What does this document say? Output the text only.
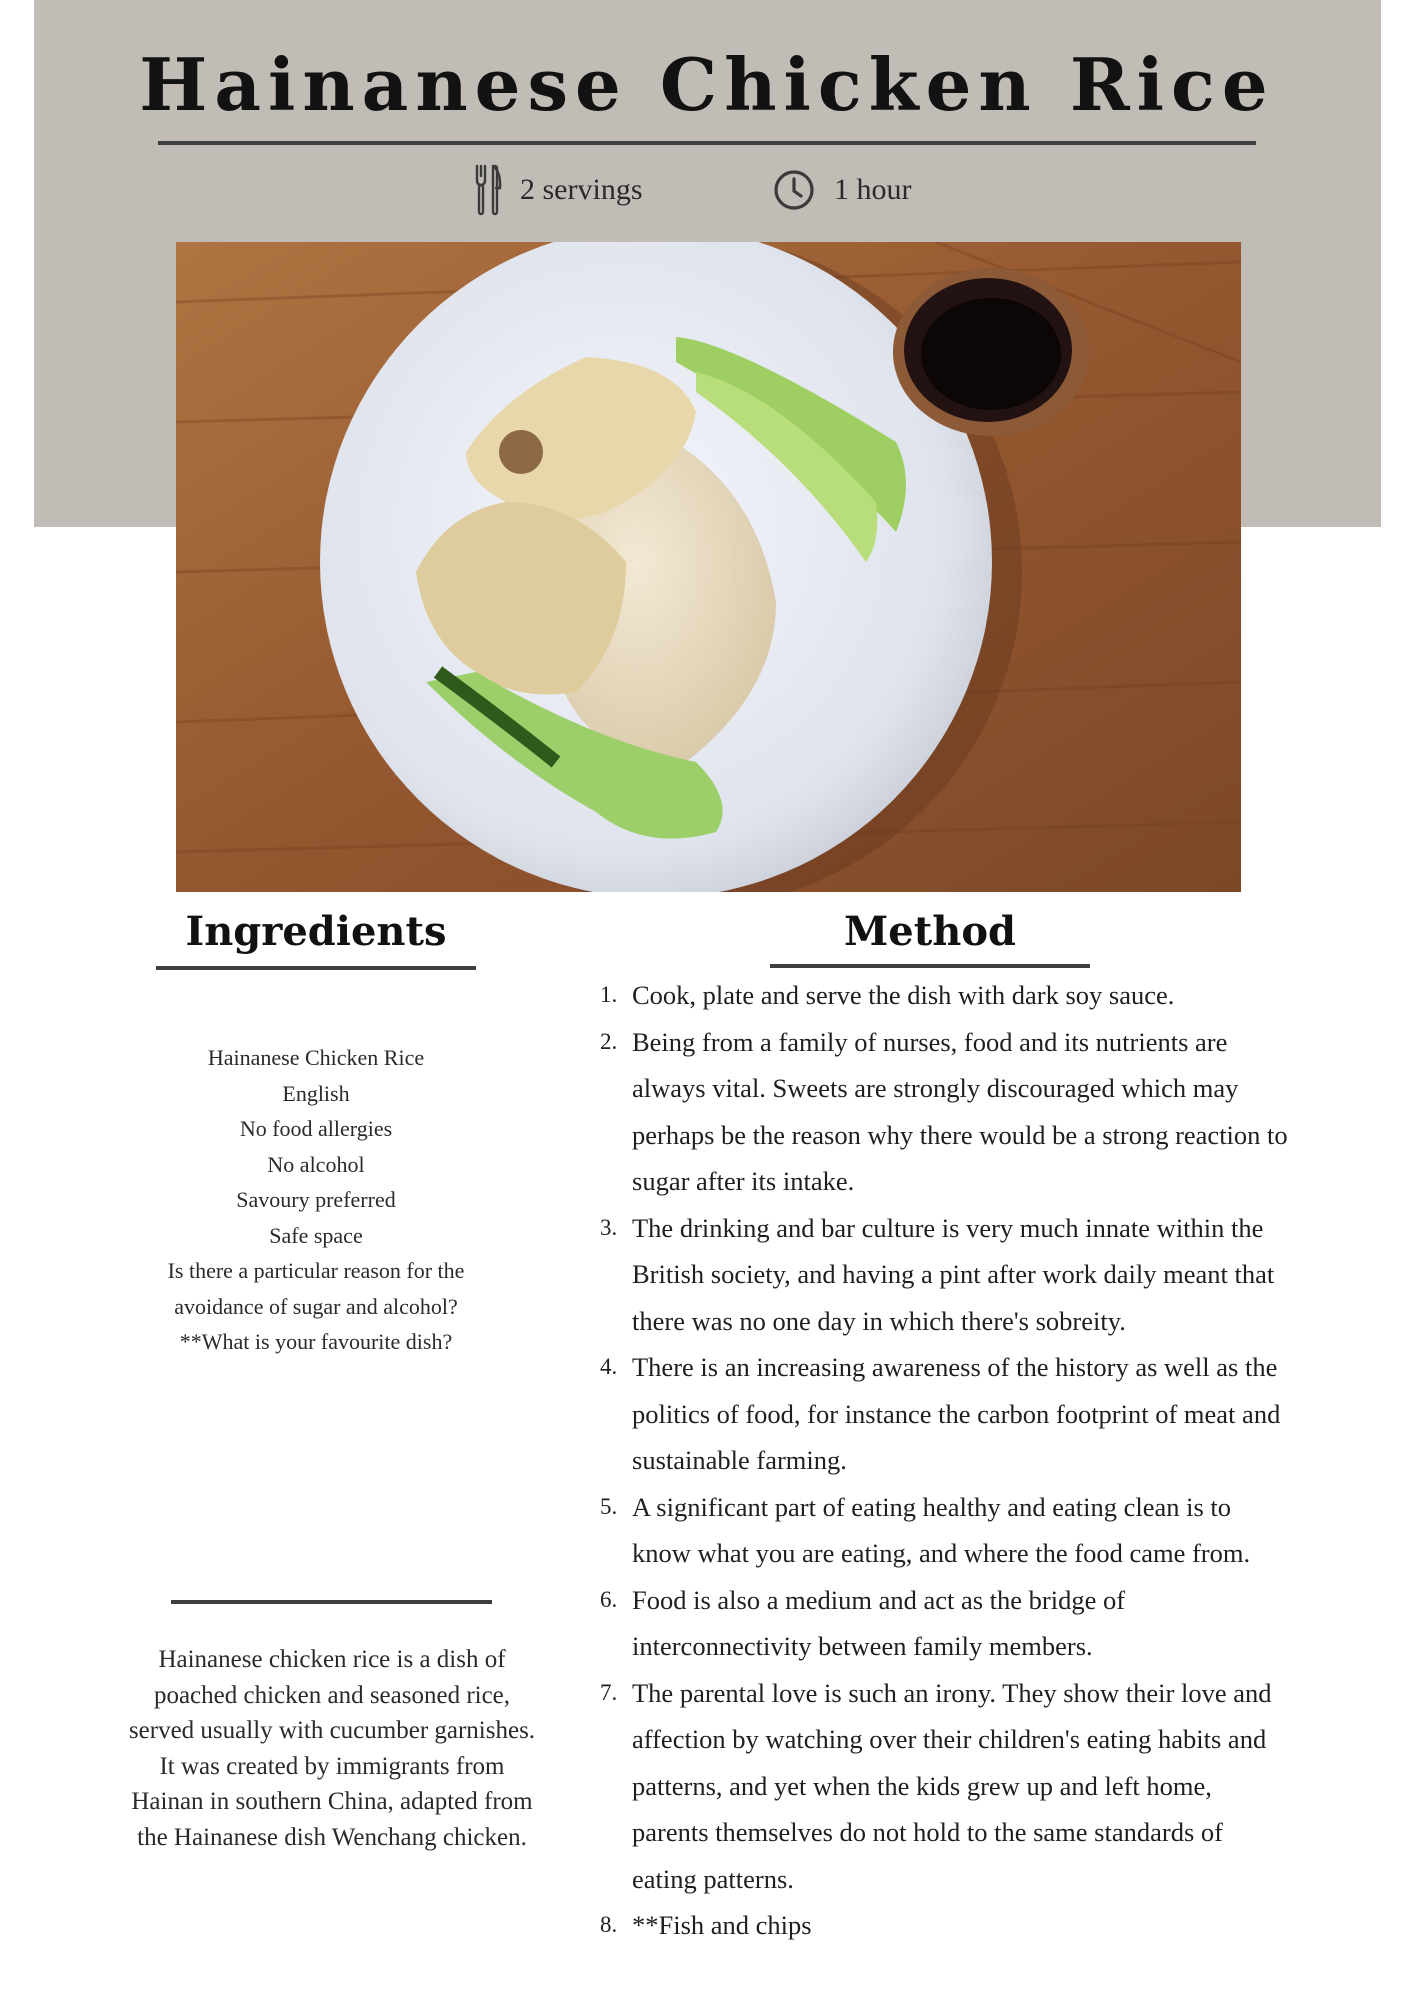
Hainanese Chicken Rice
2 servings	1 hour
Ingredients	Method
Hainanese Chicken Rice
English
No food allergies
No alcohol
Savoury preferred
Safe space
Is there a particular reason for the
avoidance of sugar and alcohol?
**What is your favourite dish?

Hainanese chicken rice is a dish of poached chicken and seasoned rice, served usually with cucumber garnishes. It was created by immigrants from Hainan in southern China, adapted from the Hainanese dish Wenchang chicken.

1. Cook, plate and serve the dish with dark soy sauce.
2. Being from a family of nurses, food and its nutrients are always vital. Sweets are strongly discouraged which may perhaps be the reason why there would be a strong reaction to sugar after its intake.
3. The drinking and bar culture is very much innate within the British society, and having a pint after work daily meant that there was no one day in which there's sobreity.
4. There is an increasing awareness of the history as well as the politics of food, for instance the carbon footprint of meat and sustainable farming.
5. A significant part of eating healthy and eating clean is to know what you are eating, and where the food came from.
6. Food is also a medium and act as the bridge of interconnectivity between family members.
7. The parental love is such an irony. They show their love and affection by watching over their children's eating habits and patterns, and yet when the kids grew up and left home, parents themselves do not hold to the same standards of eating patterns.
8. **Fish and chips
